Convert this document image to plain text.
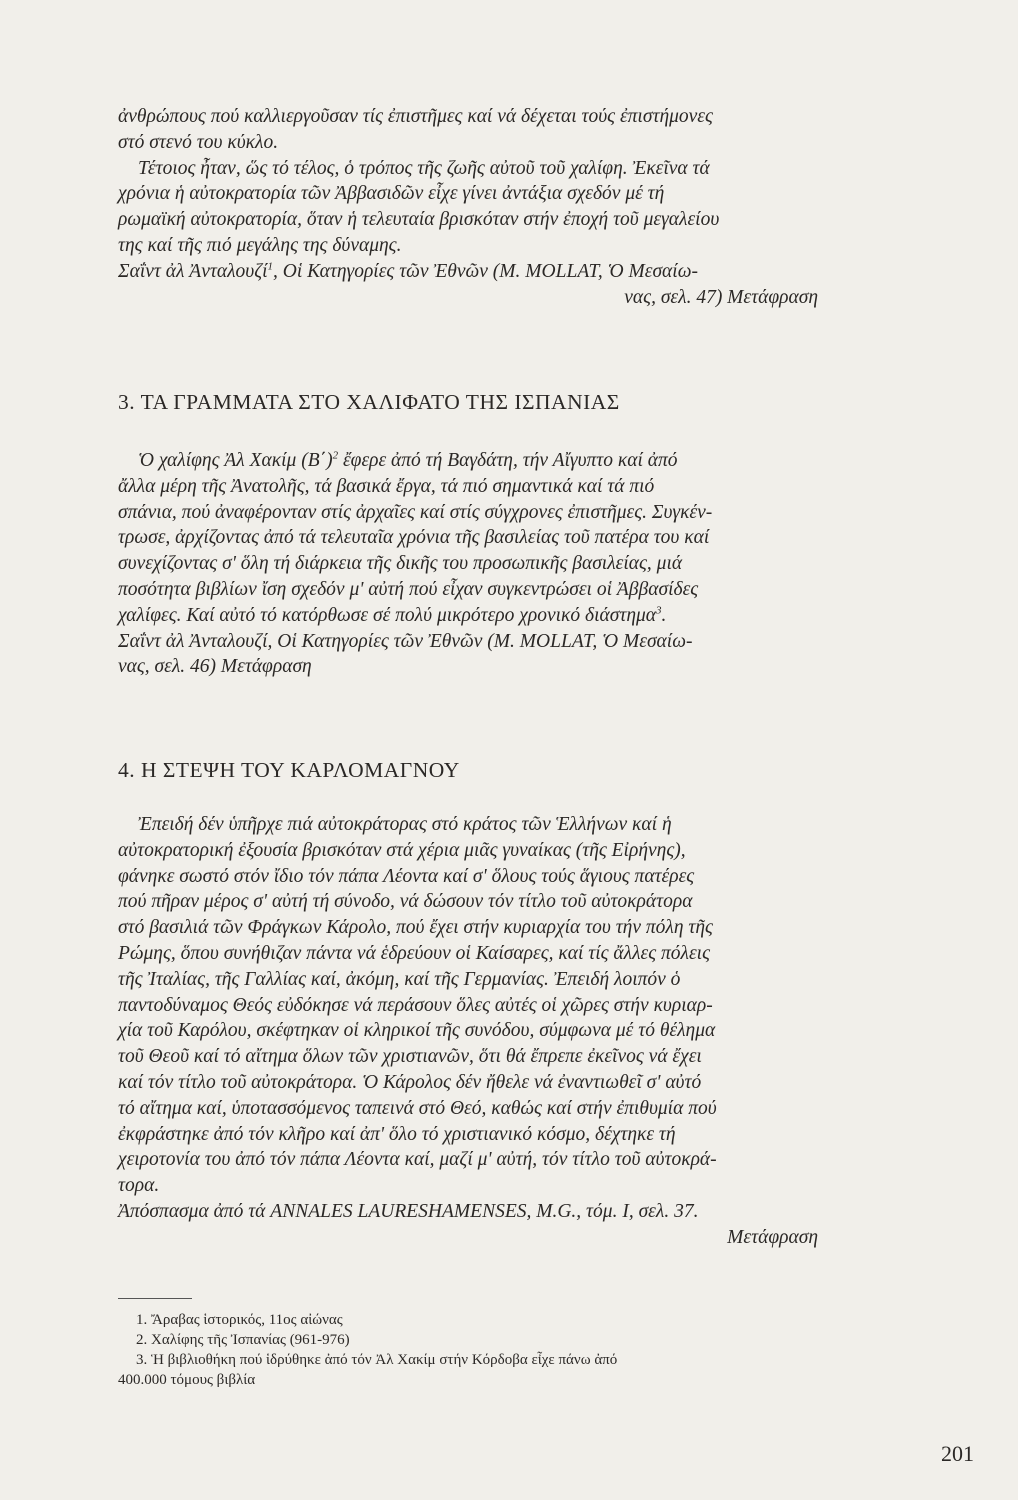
ἀνθρώπους πού καλλιεργοῦσαν τίς ἐπιστῆμες καί νά δέχεται τούς ἐπιστήμονες

στό στενό του κύκλο.

Τέτοιος ἦταν, ὥς τό τέλος, ὁ τρόπος τῆς ζωῆς αὐτοῦ τοῦ χαλίφη. Ἐκεῖνα τά

χρόνια ἡ αὐτοκρατορία τῶν Ἀββασιδῶν εἶχε γίνει ἀντάξια σχεδόν μέ τή

ρωμαϊκή αὐτοκρατορία, ὅταν ἡ τελευταία βρισκόταν στήν ἐποχή τοῦ μεγαλείου

της καί τῆς πιό μεγάλης της δύναμης.

Σαΐντ ἀλ Ἀνταλουζί$^1$, Οἱ Κατηγορίες τῶν Ἐθνῶν (M. MOLLAT, Ὁ Μεσαίω-

νας, σελ. 47) Μετάφραση

3. ΤΑ ΓΡΑΜΜΑΤΑ ΣΤΟ ΧΑΛΙΦΑΤΟ ΤΗΣ ΙΣΠΑΝΙΑΣ

Ὁ χαλίφης Ἀλ Χακίμ $(B΄)^2$ ἔφερε ἀπό τή Βαγδάτη, τήν Αἴγυπτο καί ἀπό

ἄλλα μέρη τῆς Ἀνατολῆς, τά βασικά ἔργα, τά πιό σημαντικά καί τά πιό

σπάνια, πού ἀναφέρονταν στίς ἀρχαῖες καί στίς σύγχρονες ἐπιστῆμες. Συγκέν-

τρωσε, ἀρχίζοντας ἀπό τά τελευταῖα χρόνια τῆς βασιλείας τοῦ πατέρα του καί

συνεχίζοντας σ' ὅλη τή διάρκεια τῆς δικῆς του προσωπικῆς βασιλείας, μιά

ποσότητα βιβλίων ἴση σχεδόν μ' αὐτή πού εἶχαν συγκεντρώσει οἱ Ἀββασίδες

χαλίφες. Καί αὐτό τό κατόρθωσε σέ πολύ μικρότερο χρονικό διάστημα$^3$.

Σαΐντ ἀλ Ἀνταλουζί, Οἱ Κατηγορίες τῶν Ἐθνῶν (M. MOLLAT, Ὁ Μεσαίω-

νας, σελ. 46) Μετάφραση

4. Η ΣΤΕΨΗ ΤΟΥ ΚΑΡΛΟΜΑΓΝΟΥ

Ἐπειδή δέν ὑπῆρχε πιά αὐτοκράτορας στό κράτος τῶν Ἑλλήνων καί ἡ

αὐτοκρατορική ἐξουσία βρισκόταν στά χέρια μιᾶς γυναίκας (τῆς Εἰρήνης),

φάνηκε σωστό στόν ἴδιο τόν πάπα Λέοντα καί σ' ὅλους τούς ἅγιους πατέρες

πού πῆραν μέρος σ' αὐτή τή σύνοδο, νά δώσουν τόν τίτλο τοῦ αὐτοκράτορα

στό βασιλιά τῶν Φράγκων Κάρολο, πού ἔχει στήν κυριαρχία του τήν πόλη τῆς

Ρώμης, ὅπου συνήθιζαν πάντα νά ἑδρεύουν οἱ Καίσαρες, καί τίς ἄλλες πόλεις

τῆς Ἰταλίας, τῆς Γαλλίας καί, ἀκόμη, καί τῆς Γερμανίας. Ἐπειδή λοιπόν ὁ

παντοδύναμος Θεός εὐδόκησε νά περάσουν ὅλες αὐτές οἱ χῶρες στήν κυριαρ-

χία τοῦ Καρόλου, σκέφτηκαν οἱ κληρικοί τῆς συνόδου, σύμφωνα μέ τό θέλημα

τοῦ Θεοῦ καί τό αἴτημα ὅλων τῶν χριστιανῶν, ὅτι θά ἔπρεπε ἐκεῖνος νά ἔχει

καί τόν τίτλο τοῦ αὐτοκράτορα. Ὁ Κάρολος δέν ἤθελε νά ἐναντιωθεῖ σ' αὐτό

τό αἴτημα καί, ὑποτασσόμενος ταπεινά στό Θεό, καθώς καί στήν ἐπιθυμία πού

ἐκφράστηκε ἀπό τόν κλῆρο καί ἀπ' ὅλο τό χριστιανικό κόσμο, δέχτηκε τή

χειροτονία του ἀπό τόν πάπα Λέοντα καί, μαζί μ' αὐτή, τόν τίτλο τοῦ αὐτοκρά-

τορα.

Ἀπόσπασμα ἀπό τά ANNALES LAURESHAMENSES, M.G., τόμ. I, σελ. 37.

Μετάφραση

1. Ἄραβας ἱστορικός, 11ος αἰώνας

2. Χαλίφης τῆς Ἰσπανίας (961-976)

3. Ἡ βιβλιοθήκη πού ἱδρύθηκε ἀπό τόν Ἀλ Χακίμ στήν Κόρδοβα εἶχε πάνω ἀπό

400.000 τόμους βιβλία

201
